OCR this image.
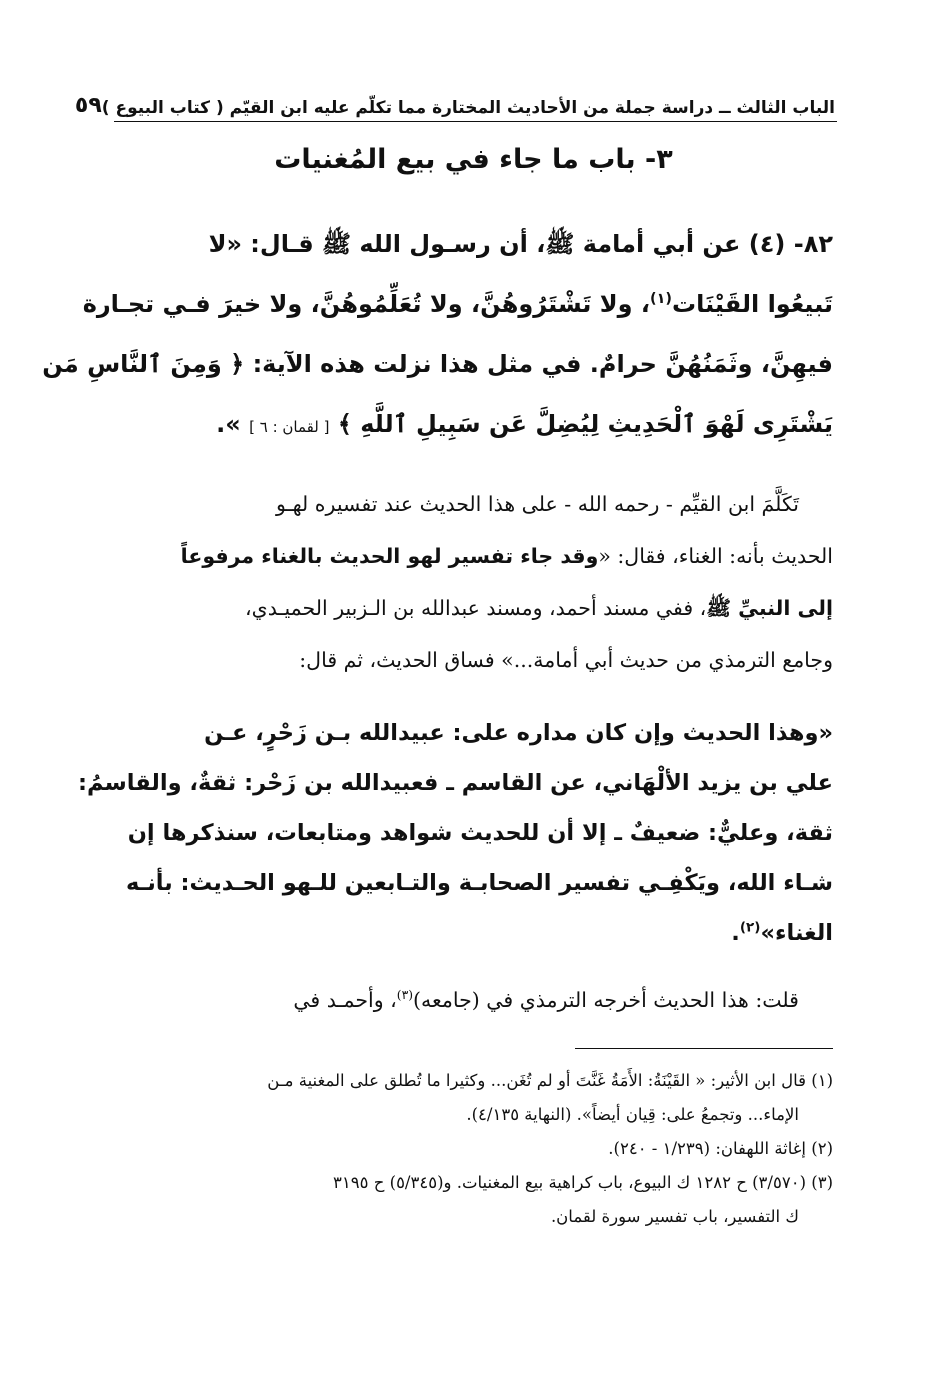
الباب الثالث ــ دراسة جملة من الأحاديث المختارة مما تكلّم عليه ابن القيّم ( كتاب البيوع )
٥٩
٣- باب ما جاء في بيع المُغنيات
٨٢- (٤) عن أبي أمامة ﷺ، أن رسـول الله ﷺ قـال: «لا
تَبيعُوا القَيْنَات$^{(١)}$، ولا تَشْتَرُوهُنَّ، ولا تُعَلِّمُوهُنَّ، ولا خيرَ فـي تجـارة
فيهِنَّ، وثَمَنُهُنَّ حرامٌ. في مثل هذا نزلت هذه الآية: ﴿ وَمِنَ ٱلنَّاسِ مَن
يَشْتَرِى لَهْوَ ٱلْحَدِيثِ لِيُضِلَّ عَن سَبِيلِ ٱللَّهِ ﴾ [ لقمان : ٦ ] ».
تَكَلَّمَ ابن القيِّم - رحمه الله - على هذا الحديث عند تفسيره لهـو
الحديث بأنه: الغناء، فقال: «وقد جاء تفسير لهو الحديث بالغناء مرفوعاً
إلى النبيِّ ﷺ، ففي مسند أحمد، ومسند عبدالله بن الـزبير الحميـدي،
وجامع الترمذي من حديث أبي أمامة...» فساق الحديث، ثم قال:
«وهذا الحديث وإن كان مداره على: عبيدالله بـن زَحْرٍ، عـن
علي بن يزيد الألْهَاني، عن القاسم ـ فعبيدالله بن زَحْر: ثقةٌ، والقاسمُ:
ثقة، وعليٌّ: ضعيفٌ ـ إلا أن للحديث شواهد ومتابعات، سنذكرها إن
شـاء الله، ويَكْفِـي تفسير الصحابـة والتـابعين للـهو الحـديث: بأنـه
الغناء»$^{(٢)}$.
قلت: هذا الحديث أخرجه الترمذي في (جامعه)$^{(٣)}$، وأحمـد في
(١) قال ابن الأثير: « القَيْنَةُ: الأَمَةُ غَنَّتَ أو لم تُغَن... وكثيرا ما تُطلق على المغنية مـن
الإماء... وتجمعُ على: قِيان أيضاً». (النهاية ٤/١٣٥).
(٢) إغاثة اللهفان: (١/٢٣٩ - ٢٤٠).
(٣) (٣/٥٧٠) ح ١٢٨٢ ك البيوع، باب كراهية بيع المغنيات. و(٥/٣٤٥) ح ٣١٩٥
ك التفسير، باب تفسير سورة لقمان.
